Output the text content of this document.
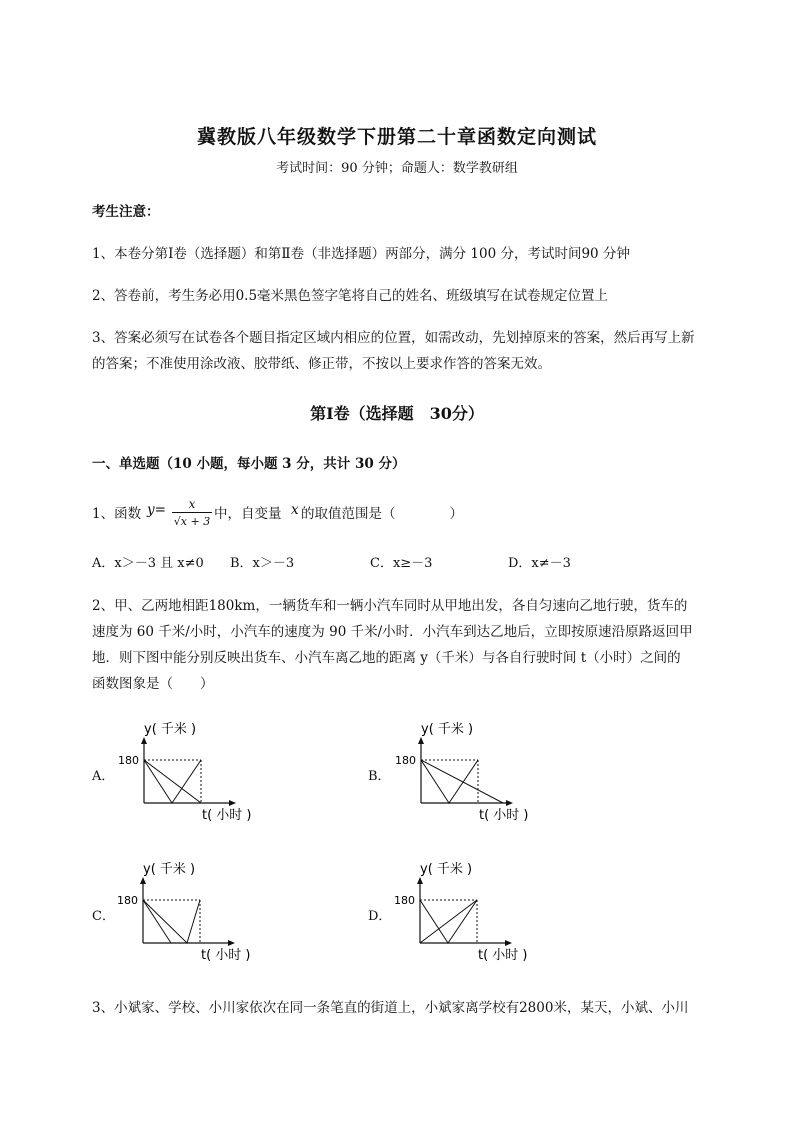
冀教版八年级数学下册第二十章函数定向测试
考试时间：90 分钟；命题人：数学教研组
考生注意：
1、本卷分第Ⅰ卷（选择题）和第Ⅱ卷（非选择题）两部分，满分 100 分，考试时间90 分钟
2、答卷前，考生务必用0.5毫米黑色签字笔将自己的姓名、班级填写在试卷规定位置上
3、答案必须写在试卷各个题目指定区域内相应的位置，如需改动，先划掉原来的答案，然后再写上新
的答案；不准使用涂改液、胶带纸、修正带，不按以上要求作答的答案无效。
第Ⅰ卷（选择题　30分）
一、单选题（10 小题，每小题 3 分，共计 30 分）
1、函数 y=	x
√x + 3 中，自变量 x 的取值范围是（　　　　）
A．x＞－3 且 x≠0 B．x＞－3	C．x≥－3	D．x≠－3
2、甲、乙两地相距180km，一辆货车和一辆小汽车同时从甲地出发，各自匀速向乙地行驶，货车的
速度为 60 千米/小时，小汽车的速度为 90 千米/小时．小汽车到达乙地后，立即按原速沿原路返回甲
地．则下图中能分别反映出货车、小汽车离乙地的距离 y（千米）与各自行驶时间 t（小时）之间的
函数图象是（　　）
A．
y( 千米 )
180
t( 小时 )
B．
y( 千米 )
180
t( 小时 )
C．
y( 千米 )
180
t( 小时 )
D．
y( 千米 )
180
t( 小时 )
3、小斌家、学校、小川家依次在同一条笔直的街道上，小斌家离学校有2800米，某天，小斌、小川
